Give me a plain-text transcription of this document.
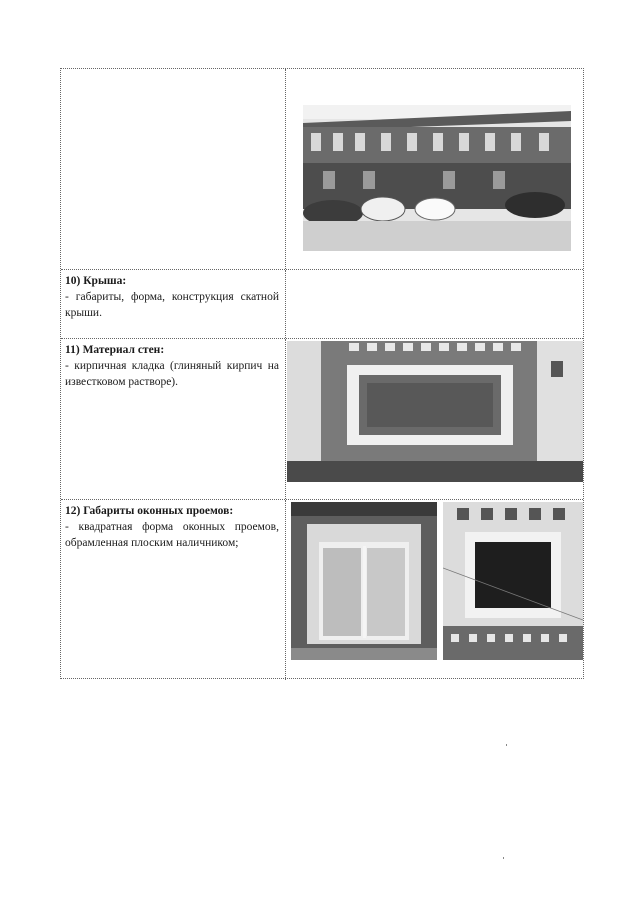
10) Крыша:
- габариты, форма, конструкция скатной крыши.
11) Материал стен:
- кирпичная кладка (глиняный кирпич на известковом растворе).
12) Габариты оконных проемов:
- квадратная форма оконных проемов, обрамленная плоским наличником;
